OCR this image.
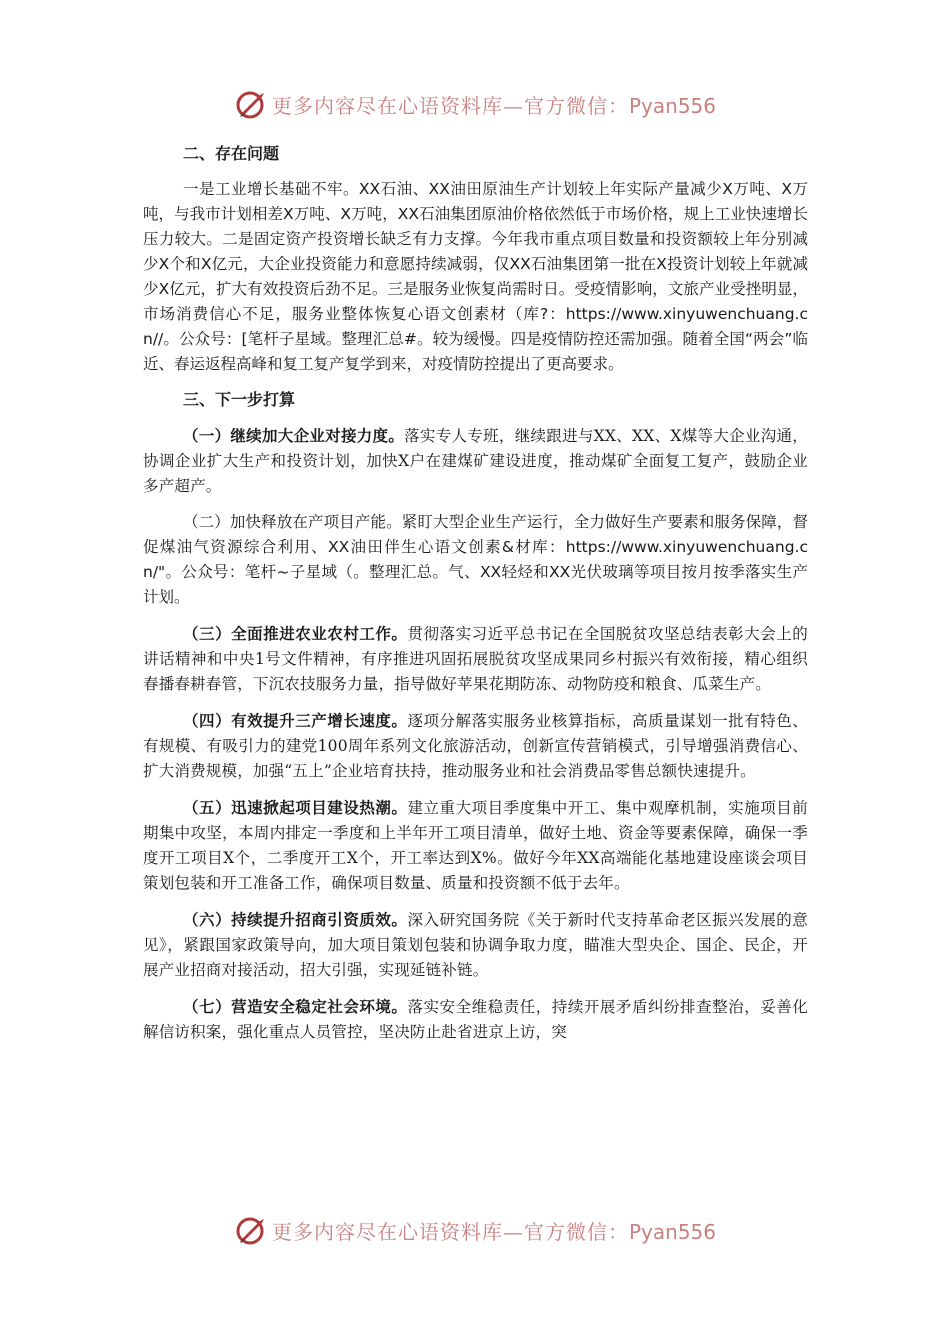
更多内容尽在心语资料库—官方微信：Pyan556

二、存在问题

一是工业增长基础不牢。XX石油、XX油田原油生产计划较上年实际产量减少X万吨、X万吨，与我市计划相差X万吨、X万吨，XX石油集团原油价格依然低于市场价格，规上工业快速增长压力较大。二是固定资产投资增长缺乏有力支撑。今年我市重点项目数量和投资额较上年分别减少X个和X亿元，大企业投资能力和意愿持续减弱，仅XX石油集团第一批在X投资计划较上年就减少X亿元，扩大有效投资后劲不足。三是服务业恢复尚需时日。受疫情影响，文旅产业受挫明显，市场消费信心不足，服务业整体恢复心语文创素材（库?：https://www.xinyuwenchuang.cn//。公众号：[笔杆子星域。整理汇总#。较为缓慢。四是疫情防控还需加强。随着全国“两会”临近、春运返程高峰和复工复产复学到来，对疫情防控提出了更高要求。

三、下一步打算

（一）继续加大企业对接力度。落实专人专班，继续跟进与XX、XX、X煤等大企业沟通，协调企业扩大生产和投资计划，加快X户在建煤矿建设进度，推动煤矿全面复工复产，鼓励企业多产超产。

（二）加快释放在产项目产能。紧盯大型企业生产运行，全力做好生产要素和服务保障，督促煤油气资源综合利用、XX油田伴生心语文创素&材库：https://www.xinyuwenchuang.cn/"。公众号：笔杆~子星域（。整理汇总。气、XX轻烃和XX光伏玻璃等项目按月按季落实生产计划。

（三）全面推进农业农村工作。贯彻落实习近平总书记在全国脱贫攻坚总结表彰大会上的讲话精神和中央1号文件精神，有序推进巩固拓展脱贫攻坚成果同乡村振兴有效衔接，精心组织春播春耕春管，下沉农技服务力量，指导做好苹果花期防冻、动物防疫和粮食、瓜菜生产。

（四）有效提升三产增长速度。逐项分解落实服务业核算指标，高质量谋划一批有特色、有规模、有吸引力的建党100周年系列文化旅游活动，创新宣传营销模式，引导增强消费信心、扩大消费规模，加强“五上”企业培育扶持，推动服务业和社会消费品零售总额快速提升。

（五）迅速掀起项目建设热潮。建立重大项目季度集中开工、集中观摩机制，实施项目前期集中攻坚，本周内排定一季度和上半年开工项目清单，做好土地、资金等要素保障，确保一季度开工项目X个，二季度开工X个，开工率达到X%。做好今年XX高端能化基地建设座谈会项目策划包装和开工准备工作，确保项目数量、质量和投资额不低于去年。

（六）持续提升招商引资质效。深入研究国务院《关于新时代支持革命老区振兴发展的意见》，紧跟国家政策导向，加大项目策划包装和协调争取力度，瞄准大型央企、国企、民企，开展产业招商对接活动，招大引强，实现延链补链。

（七）营造安全稳定社会环境。落实安全维稳责任，持续开展矛盾纠纷排查整治，妥善化解信访积案，强化重点人员管控，坚决防止赴省进京上访，突

更多内容尽在心语资料库—官方微信：Pyan556
